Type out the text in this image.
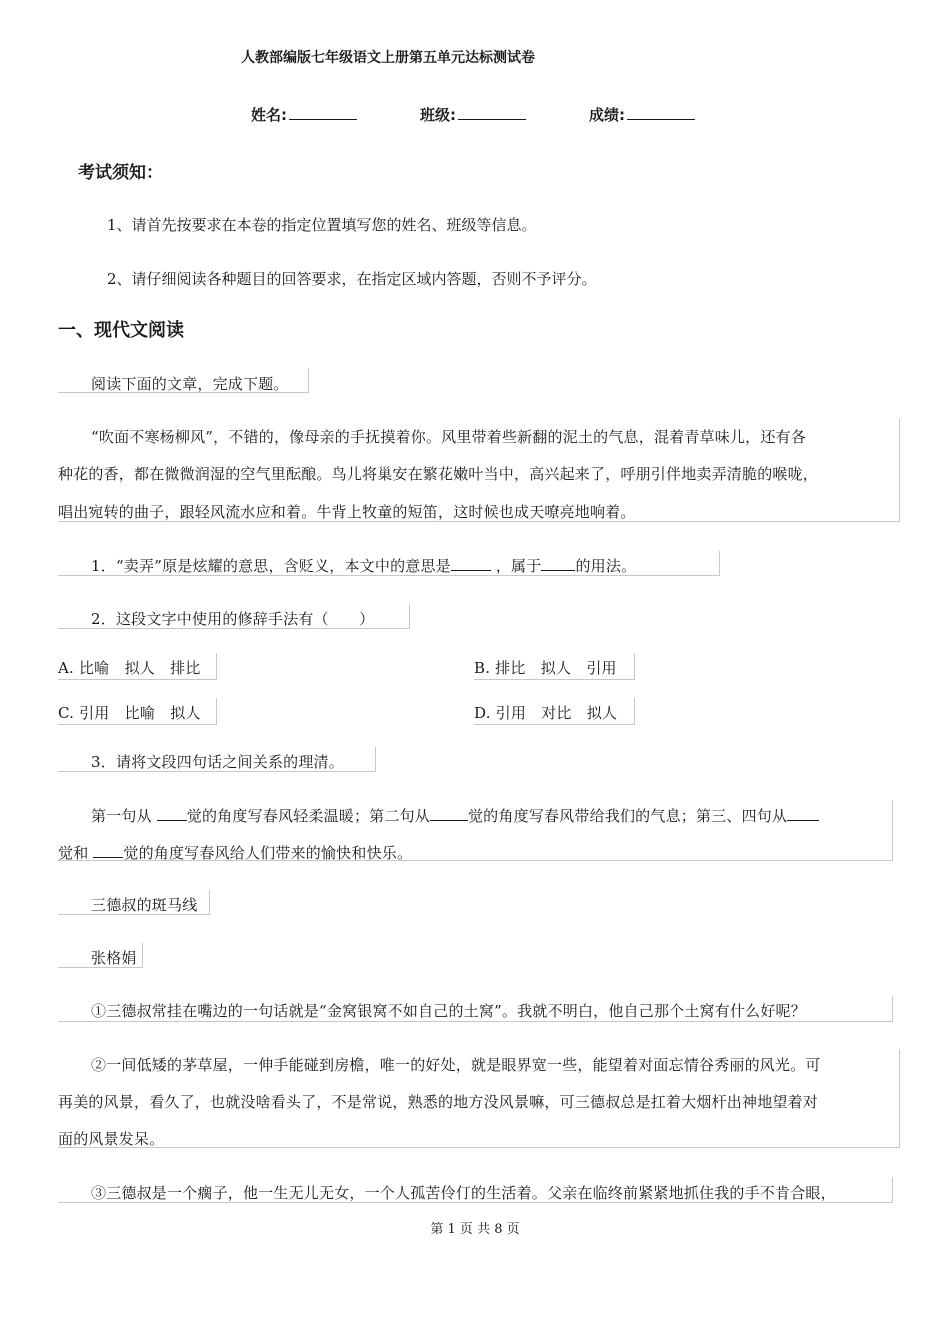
人教部编版七年级语文上册第五单元达标测试卷
姓名:	班级:	成绩:
考试须知：
1、请首先按要求在本卷的指定位置填写您的姓名、班级等信息。
2、请仔细阅读各种题目的回答要求，在指定区域内答题，否则不予评分。
一、现代文阅读
阅读下面的文章，完成下题。
“吹面不寒杨柳风”，不错的，像母亲的手抚摸着你。风里带着些新翻的泥土的气息，混着青草味儿，还有各
种花的香，都在微微润湿的空气里酝酿。鸟儿将巢安在繁花嫩叶当中，高兴起来了，呼朋引伴地卖弄清脆的喉咙，
唱出宛转的曲子，跟轻风流水应和着。牛背上牧童的短笛，这时候也成天嘹亮地响着。
1．“卖弄”原是炫耀的意思，含贬义，本文中的意思是	，属于 的用法。
2．这段文字中使用的修辞手法有（　　）
A. 比喻　拟人　排比	B. 排比　拟人　引用
C. 引用　比喻　拟人	D. 引用　对比　拟人
3．请将文段四句话之间关系的理清。
第一句从 觉的角度写春风轻柔温暖；第二句从	觉的角度写春风带给我们的气息；第三、四句从
觉和 觉的角度写春风给人们带来的愉快和快乐。
三德叔的斑马线
张格娟
①三德叔常挂在嘴边的一句话就是“金窝银窝不如自己的土窝”。我就不明白，他自己那个土窝有什么好呢？
②一间低矮的茅草屋，一伸手能碰到房檐，唯一的好处，就是眼界宽一些，能望着对面忘情谷秀丽的风光。可
再美的风景，看久了，也就没啥看头了，不是常说，熟悉的地方没风景嘛，可三德叔总是扛着大烟杆出神地望着对
面的风景发呆。
③三德叔是一个瘸子，他一生无儿无女，一个人孤苦伶仃的生活着。父亲在临终前紧紧地抓住我的手不肯合眼，
第 1 页 共 8 页
